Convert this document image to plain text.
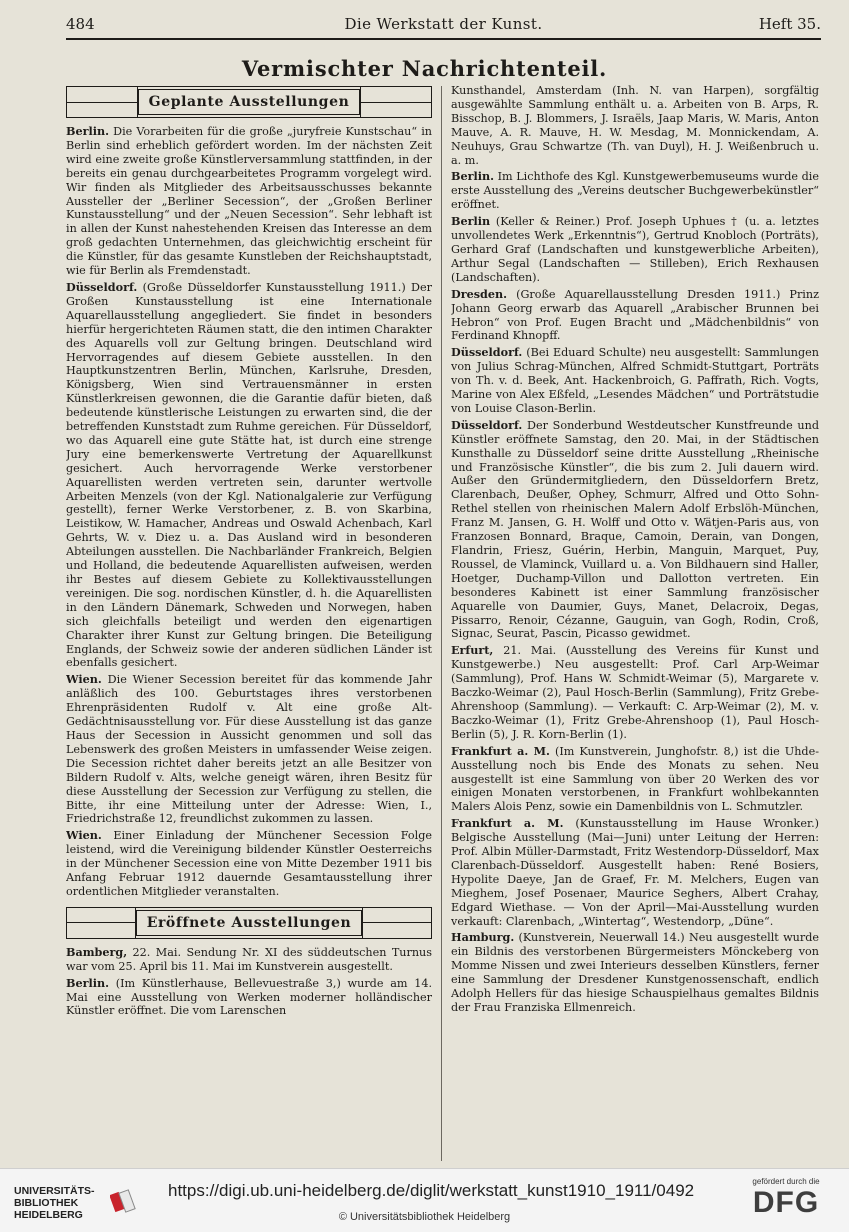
484	Die Werkstatt der Kunst.	Heft 35.
Vermischter Nachrichtenteil.
Geplante Ausstellungen

Berlin. Die Vorarbeiten für die große „juryfreie Kunstschau“ in Berlin sind erheblich gefördert worden. Im der nächsten Zeit wird eine zweite große Künstlerversammlung stattfinden, in der bereits ein genau durchgearbeitetes Programm vorgelegt wird. Wir finden als Mitglieder des Arbeitsausschusses bekannte Aussteller der „Berliner Secession“, der „Großen Berliner Kunstausstellung“ und der „Neuen Secession“. Sehr lebhaft ist in allen der Kunst nahestehenden Kreisen das Interesse an dem groß gedachten Unternehmen, das gleichwichtig erscheint für die Künstler, für das gesamte Kunstleben der Reichshauptstadt, wie für Berlin als Fremdenstadt.

Düsseldorf. (Große Düsseldorfer Kunstausstellung 1911.) Der Großen Kunstausstellung ist eine Internationale Aquarellausstellung angegliedert. Sie findet in besonders hierfür hergerichteten Räumen statt, die den intimen Charakter des Aquarells voll zur Geltung bringen. Deutschland wird Hervorragendes auf diesem Gebiete ausstellen. In den Hauptkunstzentren Berlin, München, Karlsruhe, Dresden, Königsberg, Wien sind Vertrauensmänner in ersten Künstlerkreisen gewonnen, die die Garantie dafür bieten, daß bedeutende künstlerische Leistungen zu erwarten sind, die der betreffenden Kunststadt zum Ruhme gereichen. Für Düsseldorf, wo das Aquarell eine gute Stätte hat, ist durch eine strenge Jury eine bemerkenswerte Vertretung der Aquarellkunst gesichert. Auch hervorragende Werke verstorbener Aquarellisten werden vertreten sein, darunter wertvolle Arbeiten Menzels (von der Kgl. Nationalgalerie zur Verfügung gestellt), ferner Werke Verstorbener, z. B. von Skarbina, Leistikow, W. Hamacher, Andreas und Oswald Achenbach, Karl Gehrts, W. v. Diez u. a. Das Ausland wird in besonderen Abteilungen ausstellen. Die Nachbarländer Frankreich, Belgien und Holland, die bedeutende Aquarellisten aufweisen, werden ihr Bestes auf diesem Gebiete zu Kollektivausstellungen vereinigen. Die sog. nordischen Künstler, d. h. die Aquarellisten in den Ländern Dänemark, Schweden und Norwegen, haben sich gleichfalls beteiligt und werden den eigenartigen Charakter ihrer Kunst zur Geltung bringen. Die Beteiligung Englands, der Schweiz sowie der anderen südlichen Länder ist ebenfalls gesichert.

Wien. Die Wiener Secession bereitet für das kommende Jahr anläßlich des 100. Geburtstages ihres verstorbenen Ehrenpräsidenten Rudolf v. Alt eine große Alt-Gedächtnisausstellung vor. Für diese Ausstellung ist das ganze Haus der Secession in Aussicht genommen und soll das Lebenswerk des großen Meisters in umfassender Weise zeigen. Die Secession richtet daher bereits jetzt an alle Besitzer von Bildern Rudolf v. Alts, welche geneigt wären, ihren Besitz für diese Ausstellung der Secession zur Verfügung zu stellen, die Bitte, ihr eine Mitteilung unter der Adresse: Wien, I., Friedrichstraße 12, freundlichst zukommen zu lassen.

Wien. Einer Einladung der Münchener Secession Folge leistend, wird die Vereinigung bildender Künstler Oesterreichs in der Münchener Secession eine von Mitte Dezember 1911 bis Anfang Februar 1912 dauernde Gesamtausstellung ihrer ordentlichen Mitglieder veranstalten.

Eröffnete Ausstellungen

Bamberg, 22. Mai. Sendung Nr. XI des süddeutschen Turnus war vom 25. April bis 11. Mai im Kunstverein ausgestellt.

Berlin. (Im Künstlerhause, Bellevuestraße 3,) wurde am 14. Mai eine Ausstellung von Werken moderner holländischer Künstler eröffnet. Die vom Larenschen

Kunsthandel, Amsterdam (Inh. N. van Harpen), sorgfältig ausgewählte Sammlung enthält u. a. Arbeiten von B. Arps, R. Bisschop, B. J. Blommers, J. Israëls, Jaap Maris, W. Maris, Anton Mauve, A. R. Mauve, H. W. Mesdag, M. Monnickendam, A. Neuhuys, Grau Schwartze (Th. van Duyl), H. J. Weißenbruch u. a. m.

Berlin. Im Lichthofe des Kgl. Kunstgewerbemuseums wurde die erste Ausstellung des „Vereins deutscher Buchgewerbekünstler“ eröffnet.

Berlin (Keller & Reiner.) Prof. Joseph Uphues † (u. a. letztes unvollendetes Werk „Erkenntnis“), Gertrud Knobloch (Porträts), Gerhard Graf (Landschaften und kunstgewerbliche Arbeiten), Arthur Segal (Landschaften — Stilleben), Erich Rexhausen (Landschaften).

Dresden. (Große Aquarellausstellung Dresden 1911.) Prinz Johann Georg erwarb das Aquarell „Arabischer Brunnen bei Hebron“ von Prof. Eugen Bracht und „Mädchenbildnis“ von Ferdinand Khnopff.

Düsseldorf. (Bei Eduard Schulte) neu ausgestellt: Sammlungen von Julius Schrag-München, Alfred Schmidt-Stuttgart, Porträts von Th. v. d. Beek, Ant. Hackenbroich, G. Paffrath, Rich. Vogts, Marine von Alex Eßfeld, „Lesendes Mädchen“ und Porträtstudie von Louise Clason-Berlin.

Düsseldorf. Der Sonderbund Westdeutscher Kunstfreunde und Künstler eröffnete Samstag, den 20. Mai, in der Städtischen Kunsthalle zu Düsseldorf seine dritte Ausstellung „Rheinische und Französische Künstler“, die bis zum 2. Juli dauern wird. Außer den Gründermitgliedern, den Düsseldorfern Bretz, Clarenbach, Deußer, Ophey, Schmurr, Alfred und Otto Sohn-Rethel stellen von rheinischen Malern Adolf Erbslöh-München, Franz M. Jansen, G. H. Wolff und Otto v. Wätjen-Paris aus, von Franzosen Bonnard, Braque, Camoin, Derain, van Dongen, Flandrin, Friesz, Guérin, Herbin, Manguin, Marquet, Puy, Roussel, de Vlaminck, Vuillard u. a. Von Bildhauern sind Haller, Hoetger, Duchamp-Villon und Dallotton vertreten. Ein besonderes Kabinett ist einer Sammlung französischer Aquarelle von Daumier, Guys, Manet, Delacroix, Degas, Pissarro, Renoir, Cézanne, Gauguin, van Gogh, Rodin, Croß, Signac, Seurat, Pascin, Picasso gewidmet.

Erfurt, 21. Mai. (Ausstellung des Vereins für Kunst und Kunstgewerbe.) Neu ausgestellt: Prof. Carl Arp-Weimar (Sammlung), Prof. Hans W. Schmidt-Weimar (5), Margarete v. Baczko-Weimar (2), Paul Hosch-Berlin (Sammlung), Fritz Grebe-Ahrenshoop (Sammlung). — Verkauft: C. Arp-Weimar (2), M. v. Baczko-Weimar (1), Fritz Grebe-Ahrenshoop (1), Paul Hosch-Berlin (5), J. R. Korn-Berlin (1).

Frankfurt a. M. (Im Kunstverein, Junghofstr. 8,) ist die Uhde-Ausstellung noch bis Ende des Monats zu sehen. Neu ausgestellt ist eine Sammlung von über 20 Werken des vor einigen Monaten verstorbenen, in Frankfurt wohlbekannten Malers Alois Penz, sowie ein Damenbildnis von L. Schmutzler.

Frankfurt a. M. (Kunstausstellung im Hause Wronker.) Belgische Ausstellung (Mai—Juni) unter Leitung der Herren: Prof. Albin Müller-Darmstadt, Fritz Westendorp-Düsseldorf, Max Clarenbach-Düsseldorf. Ausgestellt haben: René Bosiers, Hypolite Daeye, Jan de Graef, Fr. M. Melchers, Eugen van Mieghem, Josef Posenaer, Maurice Seghers, Albert Crahay, Edgard Wiethase. — Von der April—Mai-Ausstellung wurden verkauft: Clarenbach, „Wintertag“, Westendorp, „Düne“.

Hamburg. (Kunstverein, Neuerwall 14.) Neu ausgestellt wurde ein Bildnis des verstorbenen Bürgermeisters Mönckeberg von Momme Nissen und zwei Interieurs desselben Künstlers, ferner eine Sammlung der Dresdener Kunstgenossenschaft, endlich Adolph Hellers für das hiesige Schauspielhaus gemaltes Bildnis der Frau Franziska Ellmenreich.

UNIVERSITÄTS-
BIBLIOTHEK
HEIDELBERG
https://digi.ub.uni-heidelberg.de/diglit/werkstatt_kunst1910_1911/0492
© Universitätsbibliothek Heidelberg
gefördert durch die
DFG
